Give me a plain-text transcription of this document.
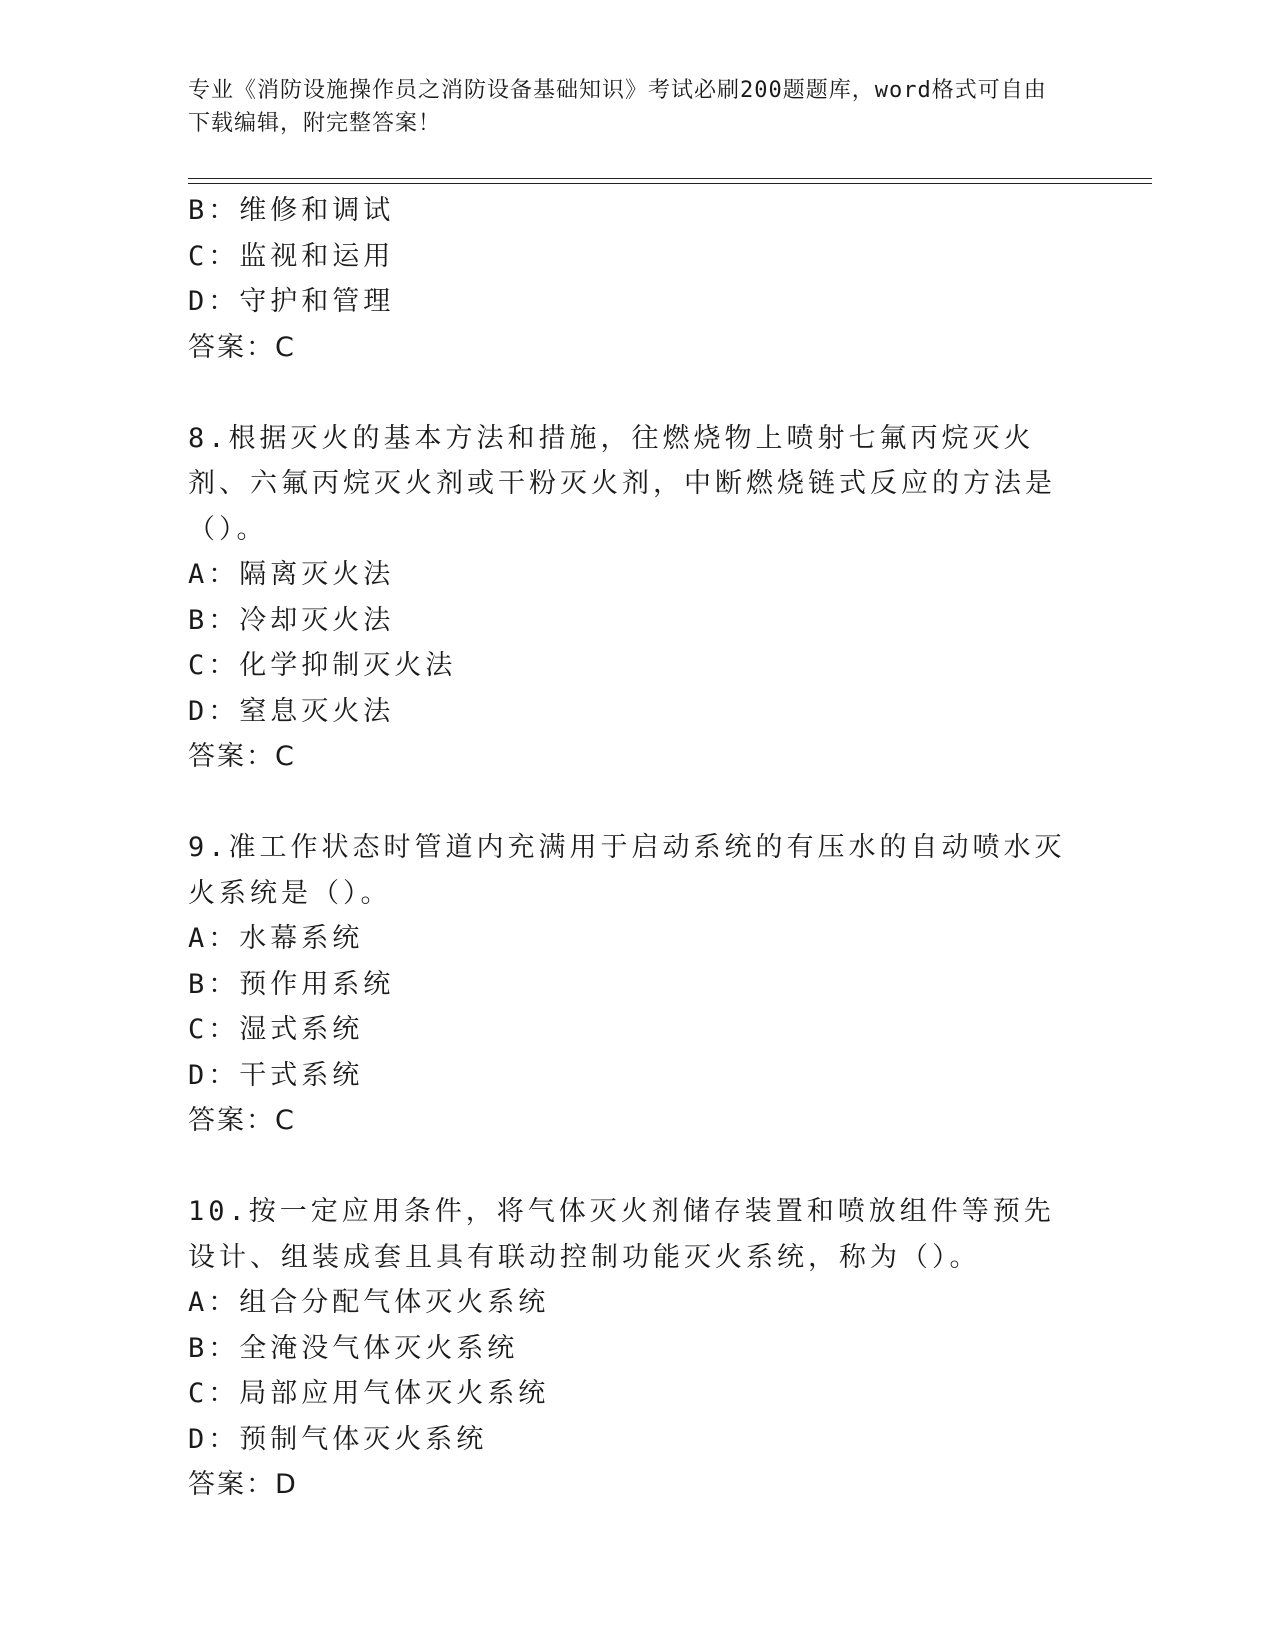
专业《消防设施操作员之消防设备基础知识》考试必刷200题题库，word格式可自由下载编辑，附完整答案！
B：维修和调试
C：监视和运用
D：守护和管理
答案：C
8.根据灭火的基本方法和措施，往燃烧物上喷射七氟丙烷灭火剂、六氟丙烷灭火剂或干粉灭火剂，中断燃烧链式反应的方法是（）。
A：隔离灭火法
B：冷却灭火法
C：化学抑制灭火法
D：窒息灭火法
答案：C
9.准工作状态时管道内充满用于启动系统的有压水的自动喷水灭火系统是（）。
A：水幕系统
B：预作用系统
C：湿式系统
D：干式系统
答案：C
10.按一定应用条件，将气体灭火剂储存装置和喷放组件等预先设计、组装成套且具有联动控制功能灭火系统，称为（）。
A：组合分配气体灭火系统
B：全淹没气体灭火系统
C：局部应用气体灭火系统
D：预制气体灭火系统
答案：D
